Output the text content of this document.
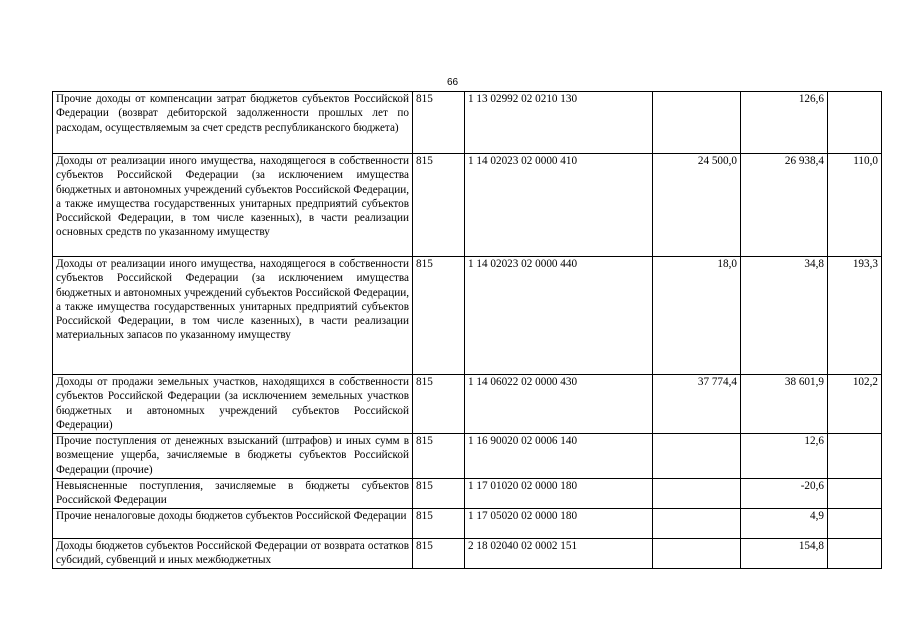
66
Прочие доходы от компенсации затрат бюджетов субъектов Российской Федерации (возврат дебиторской задолженности прошлых лет по расходам, осуществляемым за счет средств республиканского бюджета)	815	1 13 02992 02 0210 130		126,6	
Доходы от реализации иного имущества, находящегося в собственности субъектов Российской Федерации (за исключением имущества бюджетных и автономных учреждений субъектов Российской Федерации, а также имущества государственных унитарных предприятий субъектов Российской Федерации, в том числе казенных), в части реализации основных средств по указанному имуществу	815	1 14 02023 02 0000 410	24 500,0	26 938,4	110,0
Доходы от реализации иного имущества, находящегося в собственности субъектов Российской Федерации (за исключением имущества бюджетных и автономных учреждений субъектов Российской Федерации, а также имущества государственных унитарных предприятий субъектов Российской Федерации, в том числе казенных), в части реализации материальных запасов по указанному имуществу	815	1 14 02023 02 0000 440	18,0	34,8	193,3
Доходы от продажи земельных участков, находящихся в собственности субъектов Российской Федерации (за исключением земельных участков бюджетных и автономных учреждений субъектов Российской Федерации)	815	1 14 06022 02 0000 430	37 774,4	38 601,9	102,2
Прочие поступления от денежных взысканий (штрафов) и иных сумм в возмещение ущерба, зачисляемые в бюджеты субъектов Российской Федерации (прочие)	815	1 16 90020 02 0006 140		12,6	
Невыясненные поступления, зачисляемые в бюджеты субъектов Российской Федерации	815	1 17 01020 02 0000 180		-20,6	
Прочие неналоговые доходы бюджетов субъектов Российской Федерации	815	1 17 05020 02 0000 180		4,9	
Доходы бюджетов субъектов Российской Федерации от возврата остатков субсидий, субвенций и иных межбюджетных	815	2 18 02040 02 0002 151		154,8	
